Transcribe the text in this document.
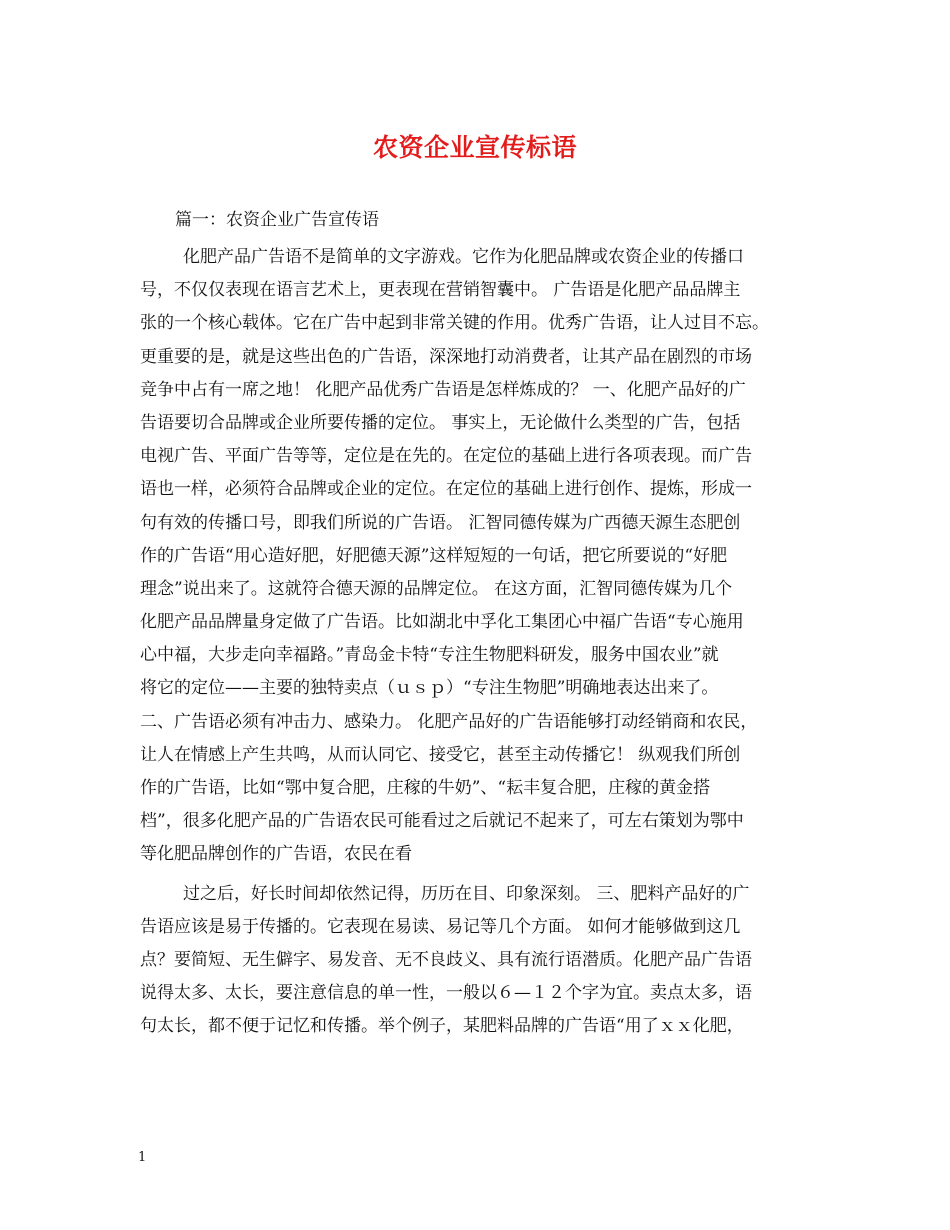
农资企业宣传标语
篇一：农资企业广告宣传语
化肥产品广告语不是简单的文字游戏。它作为化肥品牌或农资企业的传播口
号，不仅仅表现在语言艺术上，更表现在营销智囊中。 广告语是化肥产品品牌主
张的一个核心载体。它在广告中起到非常关键的作用。优秀广告语，让人过目不忘。
更重要的是，就是这些出色的广告语，深深地打动消费者，让其产品在剧烈的市场
竞争中占有一席之地！ 化肥产品优秀广告语是怎样炼成的？ 一、化肥产品好的广
告语要切合品牌或企业所要传播的定位。 事实上，无论做什么类型的广告，包括
电视广告、平面广告等等，定位是在先的。在定位的基础上进行各项表现。而广告
语也一样，必须符合品牌或企业的定位。在定位的基础上进行创作、提炼，形成一
句有效的传播口号，即我们所说的广告语。 汇智同德传媒为广西德天源生态肥创
作的广告语“用心造好肥，好肥德天源”这样短短的一句话，把它所要说的“好肥
理念”说出来了。这就符合德天源的品牌定位。 在这方面，汇智同德传媒为几个
化肥产品品牌量身定做了广告语。比如湖北中孚化工集团心中福广告语“专心施用
心中福，大步走向幸福路。”青岛金卡特“专注生物肥料研发，服务中国农业”就
将它的定位——主要的独特卖点（ｕｓｐ）“专注生物肥”明确地表达出来了。
二、广告语必须有冲击力、感染力。 化肥产品好的广告语能够打动经销商和农民，
让人在情感上产生共鸣，从而认同它、接受它，甚至主动传播它！ 纵观我们所创
作的广告语，比如“鄂中复合肥，庄稼的牛奶”、“耘丰复合肥，庄稼的黄金搭
档”，很多化肥产品的广告语农民可能看过之后就记不起来了，可左右策划为鄂中
等化肥品牌创作的广告语，农民在看
过之后，好长时间却依然记得，历历在目、印象深刻。 三、肥料产品好的广
告语应该是易于传播的。它表现在易读、易记等几个方面。 如何才能够做到这几
点？要简短、无生僻字、易发音、无不良歧义、具有流行语潜质。化肥产品广告语
说得太多、太长，要注意信息的单一性，一般以６—１２个字为宜。卖点太多，语
句太长，都不便于记忆和传播。举个例子，某肥料品牌的广告语“用了ｘｘ化肥，
1
